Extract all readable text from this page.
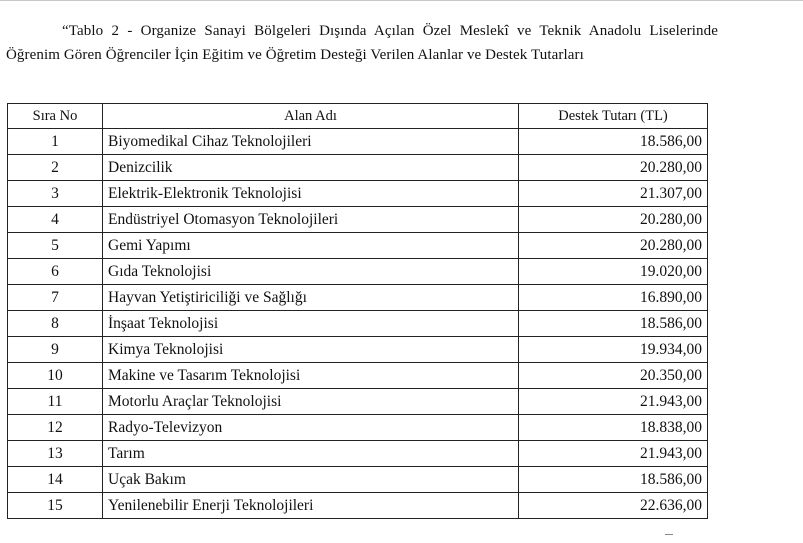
“Tablo 2 - Organize Sanayi Bölgeleri Dışında Açılan Özel Meslekî ve Teknik Anadolu Liselerinde Öğrenim Gören Öğrenciler İçin Eğitim ve Öğretim Desteği Verilen Alanlar ve Destek Tutarları

Sıra No	Alan Adı	Destek Tutarı (TL)
1	Biyomedikal Cihaz Teknolojileri	18.586,00
2	Denizcilik	20.280,00
3	Elektrik-Elektronik Teknolojisi	21.307,00
4	Endüstriyel Otomasyon Teknolojileri	20.280,00
5	Gemi Yapımı	20.280,00
6	Gıda Teknolojisi	19.020,00
7	Hayvan Yetiştiriciliği ve Sağlığı	16.890,00
8	İnşaat Teknolojisi	18.586,00
9	Kimya Teknolojisi	19.934,00
10	Makine ve Tasarım Teknolojisi	20.350,00
11	Motorlu Araçlar Teknolojisi	21.943,00
12	Radyo-Televizyon	18.838,00
13	Tarım	21.943,00
14	Uçak Bakım	18.586,00
15	Yenilenebilir Enerji Teknolojileri	22.636,00
